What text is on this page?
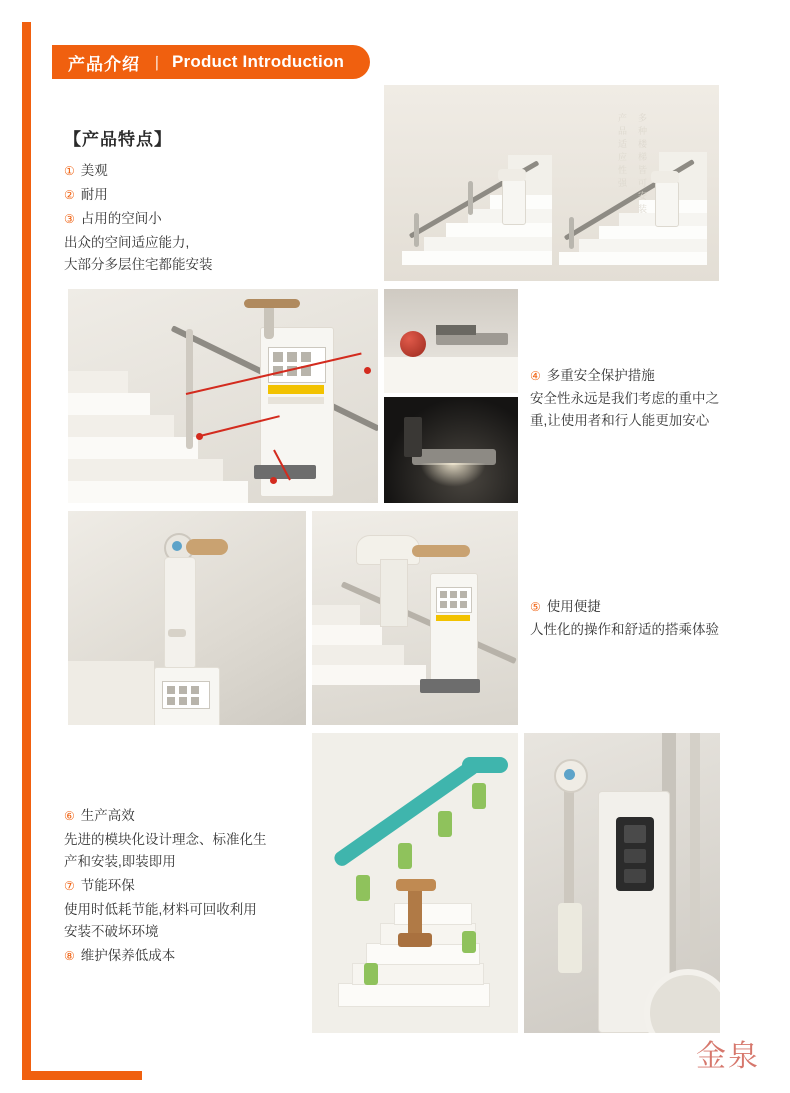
产品介绍 丨 Product Introduction
【产品特点】
① 美观
② 耐用
③ 占用的空间小
出众的空间适应能力,
大部分多层住宅都能安装
产品适应性强 多种楼梯皆可安装
④ 多重安全保护措施
安全性永远是我们考虑的重中之
重,让使用者和行人能更加安心
⑤ 使用便捷
人性化的操作和舒适的搭乘体验
⑥ 生产高效
先进的模块化设计理念、标准化生
产和安装,即装即用
⑦ 节能环保
使用时低耗节能,材料可回收利用
安装不破坏环境
⑧ 维护保养低成本
金泉
